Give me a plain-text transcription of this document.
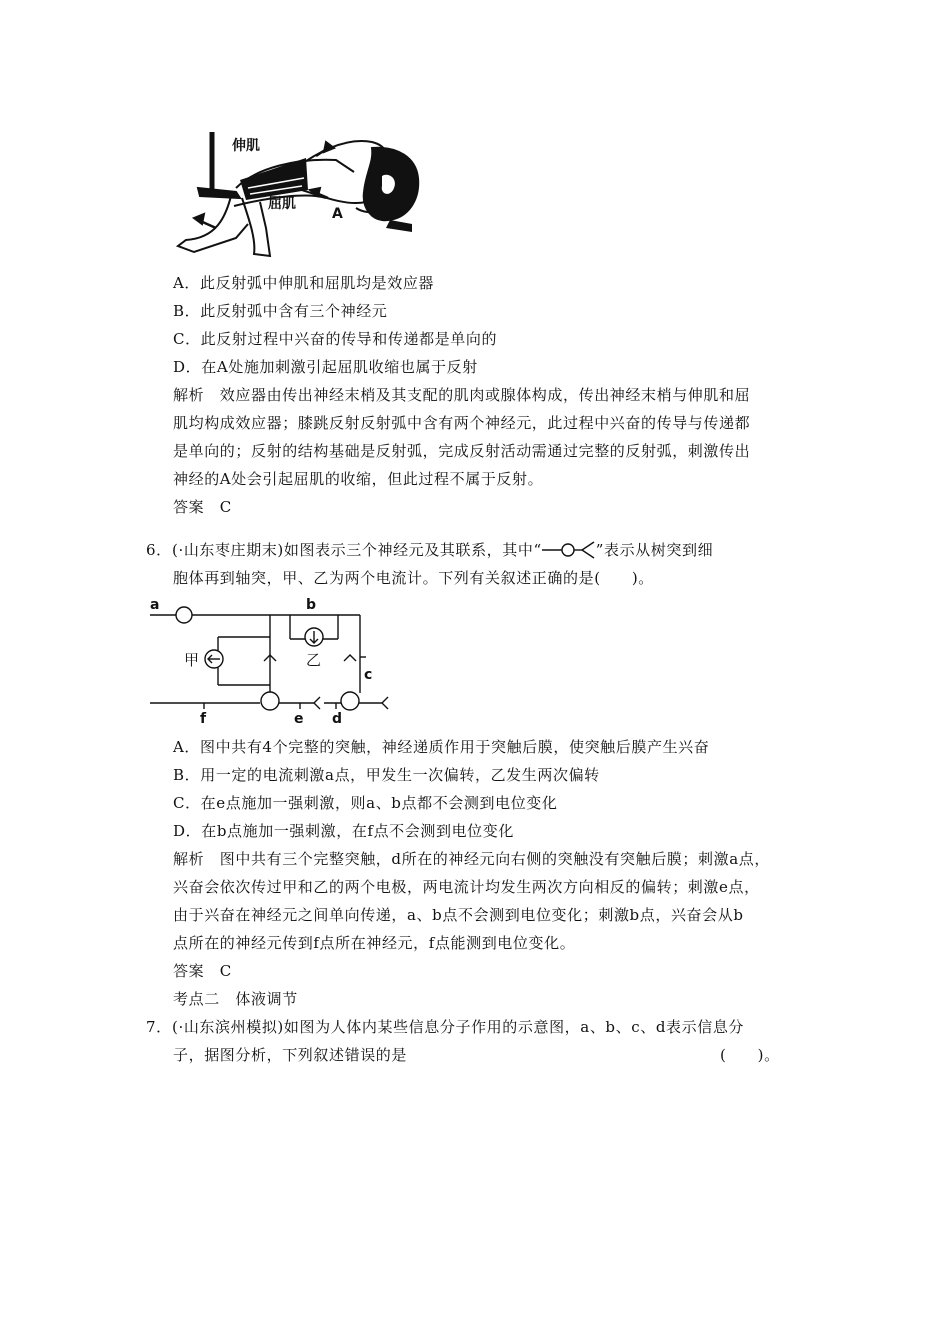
伸肌
屈肌
A
A．此反射弧中伸肌和屈肌均是效应器
B．此反射弧中含有三个神经元
C．此反射过程中兴奋的传导和传递都是单向的
D．在A处施加刺激引起屈肌收缩也属于反射
解析　效应器由传出神经末梢及其支配的肌肉或腺体构成，传出神经末梢与伸肌和屈
肌均构成效应器；膝跳反射反射弧中含有两个神经元，此过程中兴奋的传导与传递都
是单向的；反射的结构基础是反射弧，完成反射活动需通过完整的反射弧，刺激传出
神经的A处会引起屈肌的收缩，但此过程不属于反射。
答案　C
6．(·山东枣庄期末)如图表示三个神经元及其联系，其中“	”表示从树突到细
胞体再到轴突，甲、乙为两个电流计。下列有关叙述正确的是(　　)。
a	b
c
d
e
f
甲	乙
A．图中共有4个完整的突触，神经递质作用于突触后膜，使突触后膜产生兴奋
B．用一定的电流刺激a点，甲发生一次偏转，乙发生两次偏转
C．在e点施加一强刺激，则a、b点都不会测到电位变化
D．在b点施加一强刺激，在f点不会测到电位变化
解析　图中共有三个完整突触，d所在的神经元向右侧的突触没有突触后膜；刺激a点，
兴奋会依次传过甲和乙的两个电极，两电流计均发生两次方向相反的偏转；刺激e点，
由于兴奋在神经元之间单向传递，a、b点不会测到电位变化；刺激b点，兴奋会从b
点所在的神经元传到f点所在神经元，f点能测到电位变化。
答案　C
考点二　体液调节
7．(·山东滨州模拟)如图为人体内某些信息分子作用的示意图，a、b、c、d表示信息分
子，据图分析，下列叙述错误的是	(　　)。
